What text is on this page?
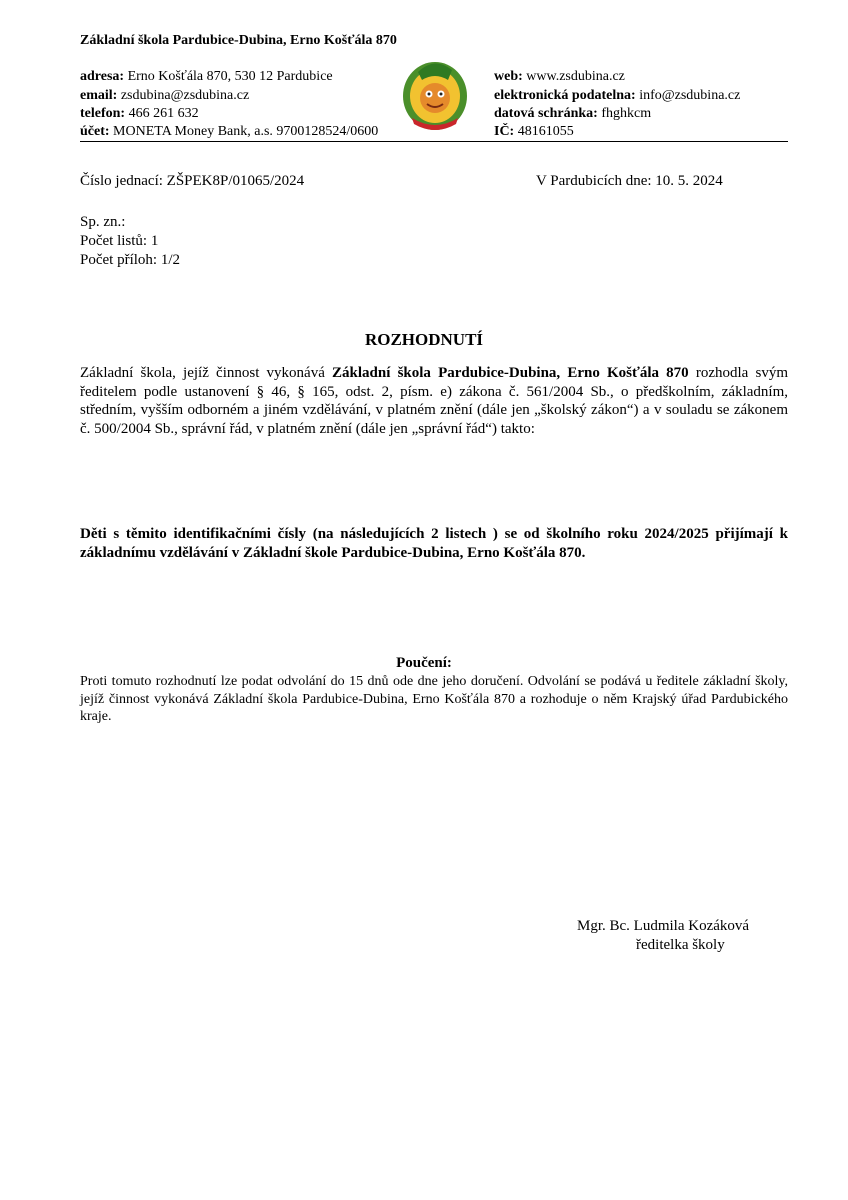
Základní škola Pardubice-Dubina, Erno Košťála 870
adresa: Erno Košťála 870, 530 12 Pardubice
email: zsdubina@zsdubina.cz
telefon: 466 261 632
účet: MONETA Money Bank, a.s. 9700128524/0600
web: www.zsdubina.cz
elektronická podatelna: info@zsdubina.cz
datová schránka: fhghkcm
IČ: 48161055
Číslo jednací: ZŠPEK8P/01065/2024	V Pardubicích dne: 10. 5. 2024
Sp. zn.:
Počet listů: 1
Počet příloh: 1/2
ROZHODNUTÍ
Základní škola, jejíž činnost vykonává Základní škola Pardubice-Dubina, Erno Košťála 870 rozhodla svým ředitelem podle ustanovení § 46, § 165, odst. 2, písm. e) zákona č. 561/2004 Sb., o předškolním, základním, středním, vyšším odborném a jiném vzdělávání, v platném znění (dále jen „školský zákon“) a v souladu se zákonem č. 500/2004 Sb., správní řád, v platném znění (dále jen „správní řád“) takto:
Děti s těmito identifikačními čísly (na následujících 2 listech ) se od školního roku 2024/2025 přijímají k základnímu vzdělávání v Základní škole Pardubice-Dubina, Erno Košťála 870.
Poučení:
Proti tomuto rozhodnutí lze podat odvolání do 15 dnů ode dne jeho doručení. Odvolání se podává u ředitele základní školy, jejíž činnost vykonává Základní škola Pardubice-Dubina, Erno Košťála 870 a rozhoduje o něm Krajský úřad Pardubického kraje.
Mgr. Bc. Ludmila Kozáková
ředitelka školy
